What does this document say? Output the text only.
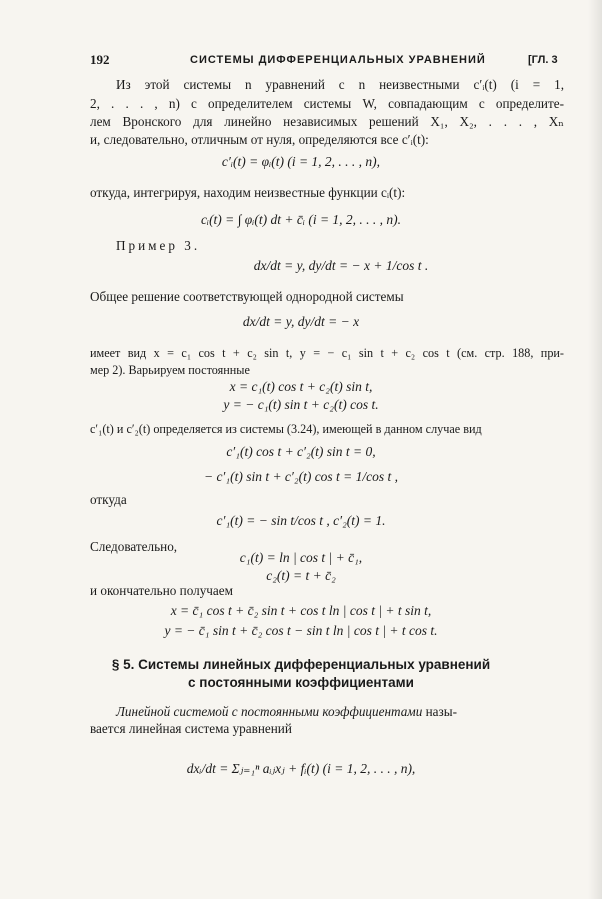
192	СИСТЕМЫ ДИФФЕРЕНЦИАЛЬНЫХ УРАВНЕНИЙ	[ГЛ. 3
Из этой системы n уравнений с n неизвестными c′ᵢ(t) (i = 1,
2, . . . , n) с определителем системы W, совпадающим с определите-
лем Вронского для линейно независимых решений X₁, X₂, . . . , Xₙ
и, следовательно, отличным от нуля, определяются все c′ᵢ(t):
c′ᵢ(t) = φᵢ(t) (i = 1, 2, . . . , n),
откуда, интегрируя, находим неизвестные функции cᵢ(t):
cᵢ(t) = ∫ φᵢ(t) dt + c̄ᵢ (i = 1, 2, . . . , n).
Пример 3.
dx/dt = y, dy/dt = − x + 1/cos t .
Общее решение соответствующей однородной системы
dx/dt = y, dy/dt = − x
имеет вид x = c₁ cos t + c₂ sin t, y = − c₁ sin t + c₂ cos t (см. стр. 188, при-
мер 2). Варьируем постоянные
x = c₁(t) cos t + c₂(t) sin t,
y = − c₁(t) sin t + c₂(t) cos t.
c′₁(t) и c′₂(t) определяется из системы (3.24), имеющей в данном случае вид
c′₁(t) cos t + c′₂(t) sin t = 0,
− c′₁(t) sin t + c′₂(t) cos t = 1/cos t ,
откуда
c′₁(t) = − sin t/cos t , c′₂(t) = 1.
Следовательно,
c₁(t) = ln | cos t | + c̄₁,
c₂(t) = t + c̄₂
и окончательно получаем
x = c̄₁ cos t + c̄₂ sin t + cos t ln | cos t | + t sin t,
y = − c̄₁ sin t + c̄₂ cos t − sin t ln | cos t | + t cos t.
§ 5. Системы линейных дифференциальных уравнений
с постоянными коэффициентами
Линейной системой с постоянными коэффициентами назы-
вается линейная система уравнений
dxᵢ/dt = Σⱼ₌₁ⁿ aᵢⱼxⱼ + fᵢ(t) (i = 1, 2, . . . , n),
